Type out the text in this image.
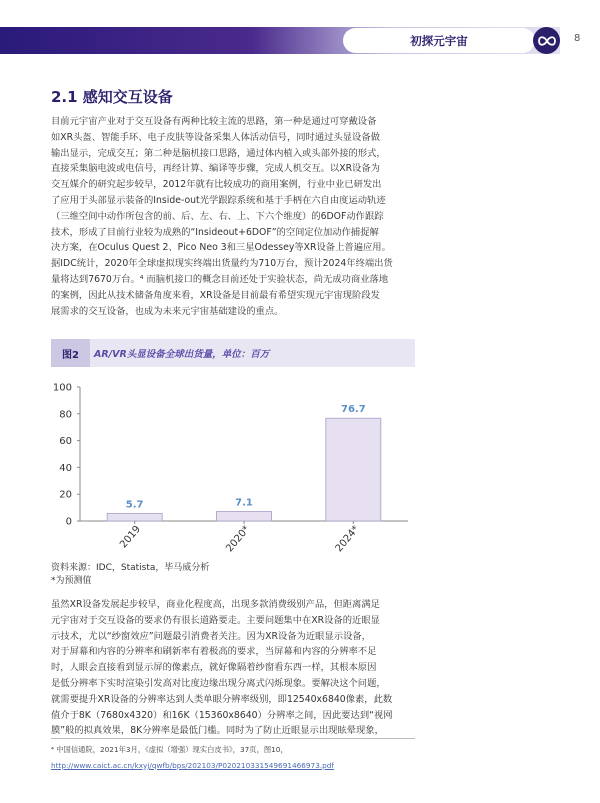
初探元宇宙	8
2.1 感知交互设备
目前元宇宙产业对于交互设备有两种比较主流的思路，第一种是通过可穿戴设备
如XR头盔、智能手环、电子皮肤等设备采集人体活动信号，同时通过头显设备做
输出显示，完成交互；第二种是脑机接口思路，通过体内植入或头部外接的形式，
直接采集脑电波或电信号，再经计算、编译等步骤，完成人机交互。以XR设备为
交互媒介的研究起步较早，2012年就有比较成功的商用案例，行业中业已研发出
了应用于头部显示装备的Inside-out光学跟踪系统和基于手柄在六自由度运动轨迹
（三维空间中动作所包含的前、后、左、右、上、下六个维度）的6DOF动作跟踪
技术，形成了目前行业较为成熟的“Insideout+6DOF”的空间定位加动作捕捉解
决方案，在Oculus Quest 2、Pico Neo 3和三星Odessey等XR设备上普遍应用。
据IDC统计，2020年全球虚拟现实终端出货量约为710万台，预计2024年终端出货
量将达到7670万台。⁴ 而脑机接口的概念目前还处于实验状态，尚无成功商业落地
的案例，因此从技术储备角度来看，XR设备是目前最有希望实现元宇宙现阶段发
展需求的交互设备，也成为未来元宇宙基础建设的重点。
图2	AR/VR头显设备全球出货量，单位：百万
0
20
40
60
80
100
5.7
2019
7.1
2020*
76.7
2024*
资料来源：IDC，Statista，毕马威分析
*为预测值
虽然XR设备发展起步较早，商业化程度高，出现多款消费级别产品，但距离满足
元宇宙对于交互设备的要求仍有很长道路要走。主要问题集中在XR设备的近眼显
示技术，尤以“纱窗效应”问题最引消费者关注。因为XR设备为近眼显示设备，
对于屏幕和内容的分辨率和刷新率有着极高的要求，当屏幕和内容的分辨率不足
时，人眼会直接看到显示屏的像素点，就好像隔着纱窗看东西一样，其根本原因
是低分辨率下实时渲染引发高对比度边缘出现分离式闪烁现象。要解决这个问题，
就需要提升XR设备的分辨率达到人类单眼分辨率级别，即12540x6840像素，此数
值介于8K（7680x4320）和16K（15360x8640）分辨率之间，因此要达到“视网
膜”般的拟真效果，8K分辨率是最低门槛。同时为了防止近眼显示出现眩晕现象，
⁴ 中国信通院，2021年3月，《虚拟（增强）现实白皮书》，37页，图10，
http://www.caict.ac.cn/kxyj/qwfb/bps/202103/P020210331549691466973.pdf
